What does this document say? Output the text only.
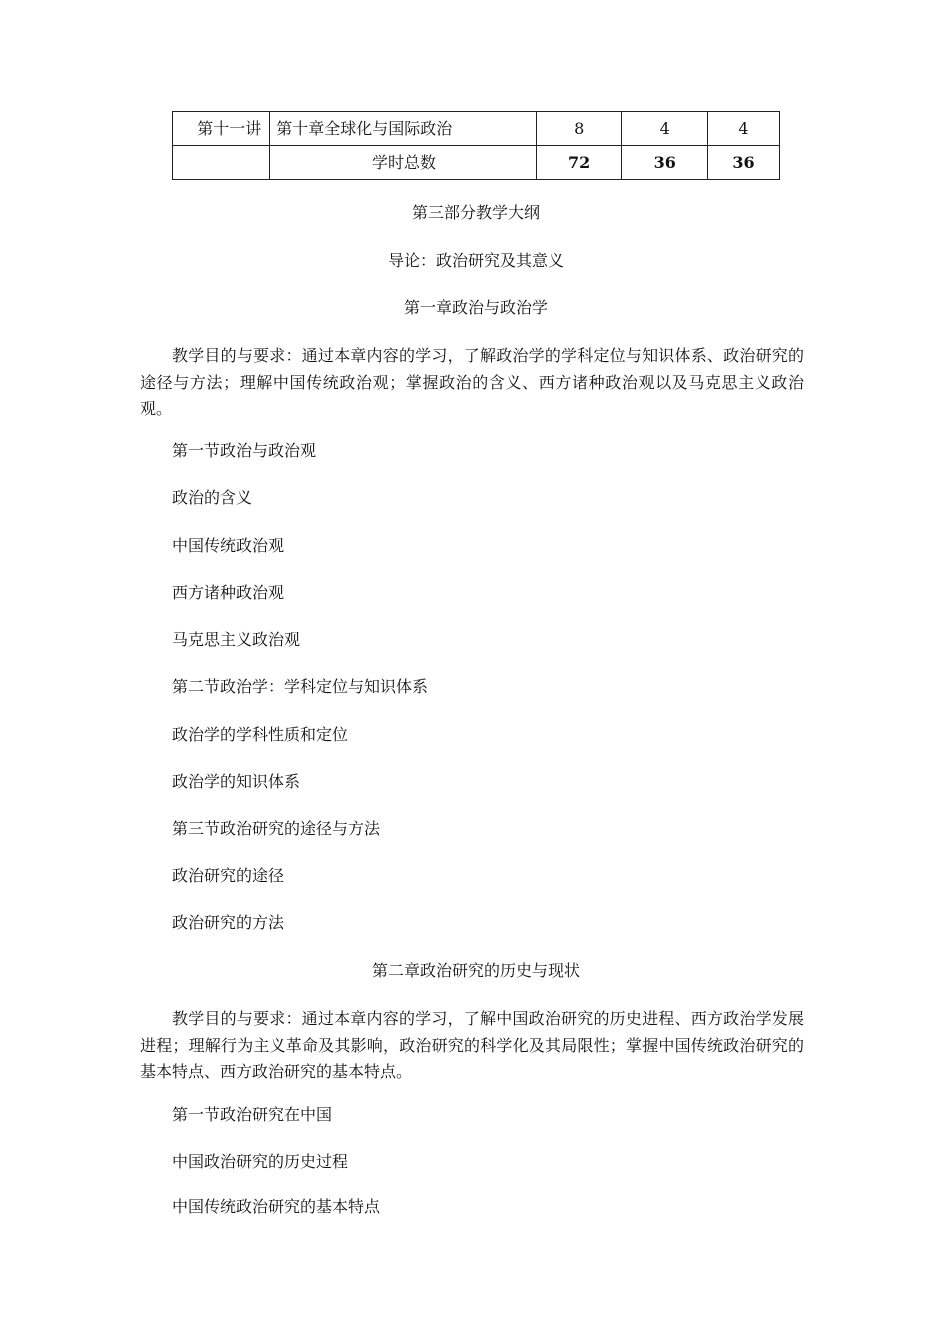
第十一讲	第十章全球化与国际政治	8	4	4
	学时总数	72	36	36
第三部分教学大纲
导论：政治研究及其意义
第一章政治与政治学
教学目的与要求：通过本章内容的学习，了解政治学的学科定位与知识体系、政治研究的途径与方法；理解中国传统政治观；掌握政治的含义、西方诸种政治观以及马克思主义政治观。
第一节政治与政治观
政治的含义
中国传统政治观
西方诸种政治观
马克思主义政治观
第二节政治学：学科定位与知识体系
政治学的学科性质和定位
政治学的知识体系
第三节政治研究的途径与方法
政治研究的途径
政治研究的方法
第二章政治研究的历史与现状
教学目的与要求：通过本章内容的学习，了解中国政治研究的历史进程、西方政治学发展进程；理解行为主义革命及其影响，政治研究的科学化及其局限性；掌握中国传统政治研究的基本特点、西方政治研究的基本特点。
第一节政治研究在中国
中国政治研究的历史过程
中国传统政治研究的基本特点
